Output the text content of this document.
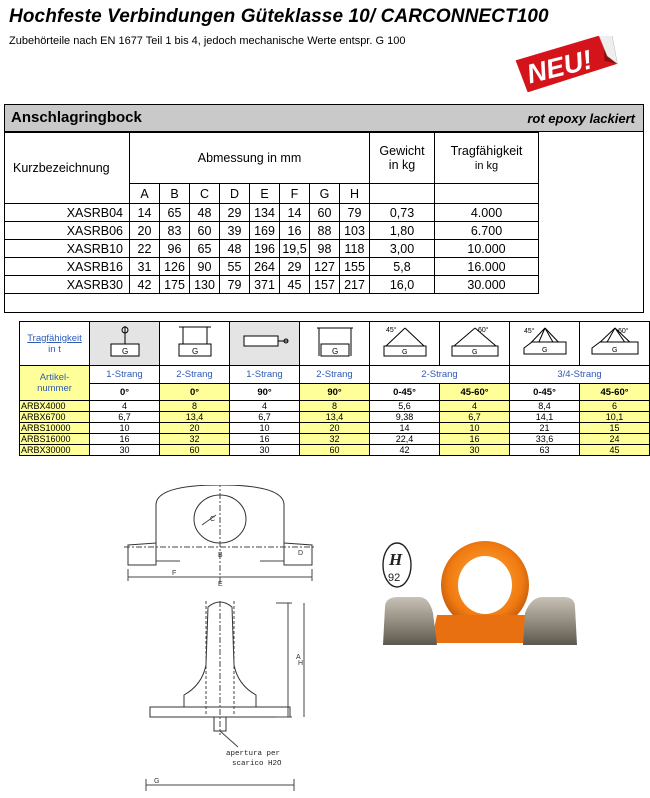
Hochfeste Verbindungen Güteklasse 10/ CARCONNECT100
Zubehörteile nach EN 1677 Teil 1 bis 4, jedoch mechanische Werte entspr. G 100
NEU!
Anschlagringbock	rot epoxy lackiert
Kurzbezeichnung	Abmessung in mm								Gewicht
in kg	Tragfähigkeit
in kg	
	A	B	C	D	E	F	G	H			
XASRB04	14	65	48	29	134	14	60	79	0,73	4.000	
XASRB06	20	83	60	39	169	16	88	103	1,80	6.700	
XASRB10	22	96	65	48	196	19,5	98	118	3,00	10.000	
XASRB16	31	126	90	55	264	29	127	155	5,8	16.000	
XASRB30	42	175	130	79	371	45	157	217	16,0	30.000	
Tragfähigkeit
in t	G	G		G	45°
G	60°
G	45°
G	60°
G

Artikel-
nummer	1-Strang	2-Strang	1-Strang	2-Strang	2-Strang		3/4-Strang	
	0°	0°	90°	90°	0-45°	45-60°	0-45°	45-60°
ARBX4000	4	8	4	8	5,6	4	8,4	6
ARBX6700	6,7	13,4	6,7	13,4	9,38	6,7	14,1	10,1
ARBS10000	10	20	10	20	14	10	21	15
ARBS16000	16	32	16	32	22,4	16	33,6	24
ARBX30000	30	60	30	60	42	30	63	45
C
B
F
E
D
A
H
G
apertura per
scarico H2O
H
92
